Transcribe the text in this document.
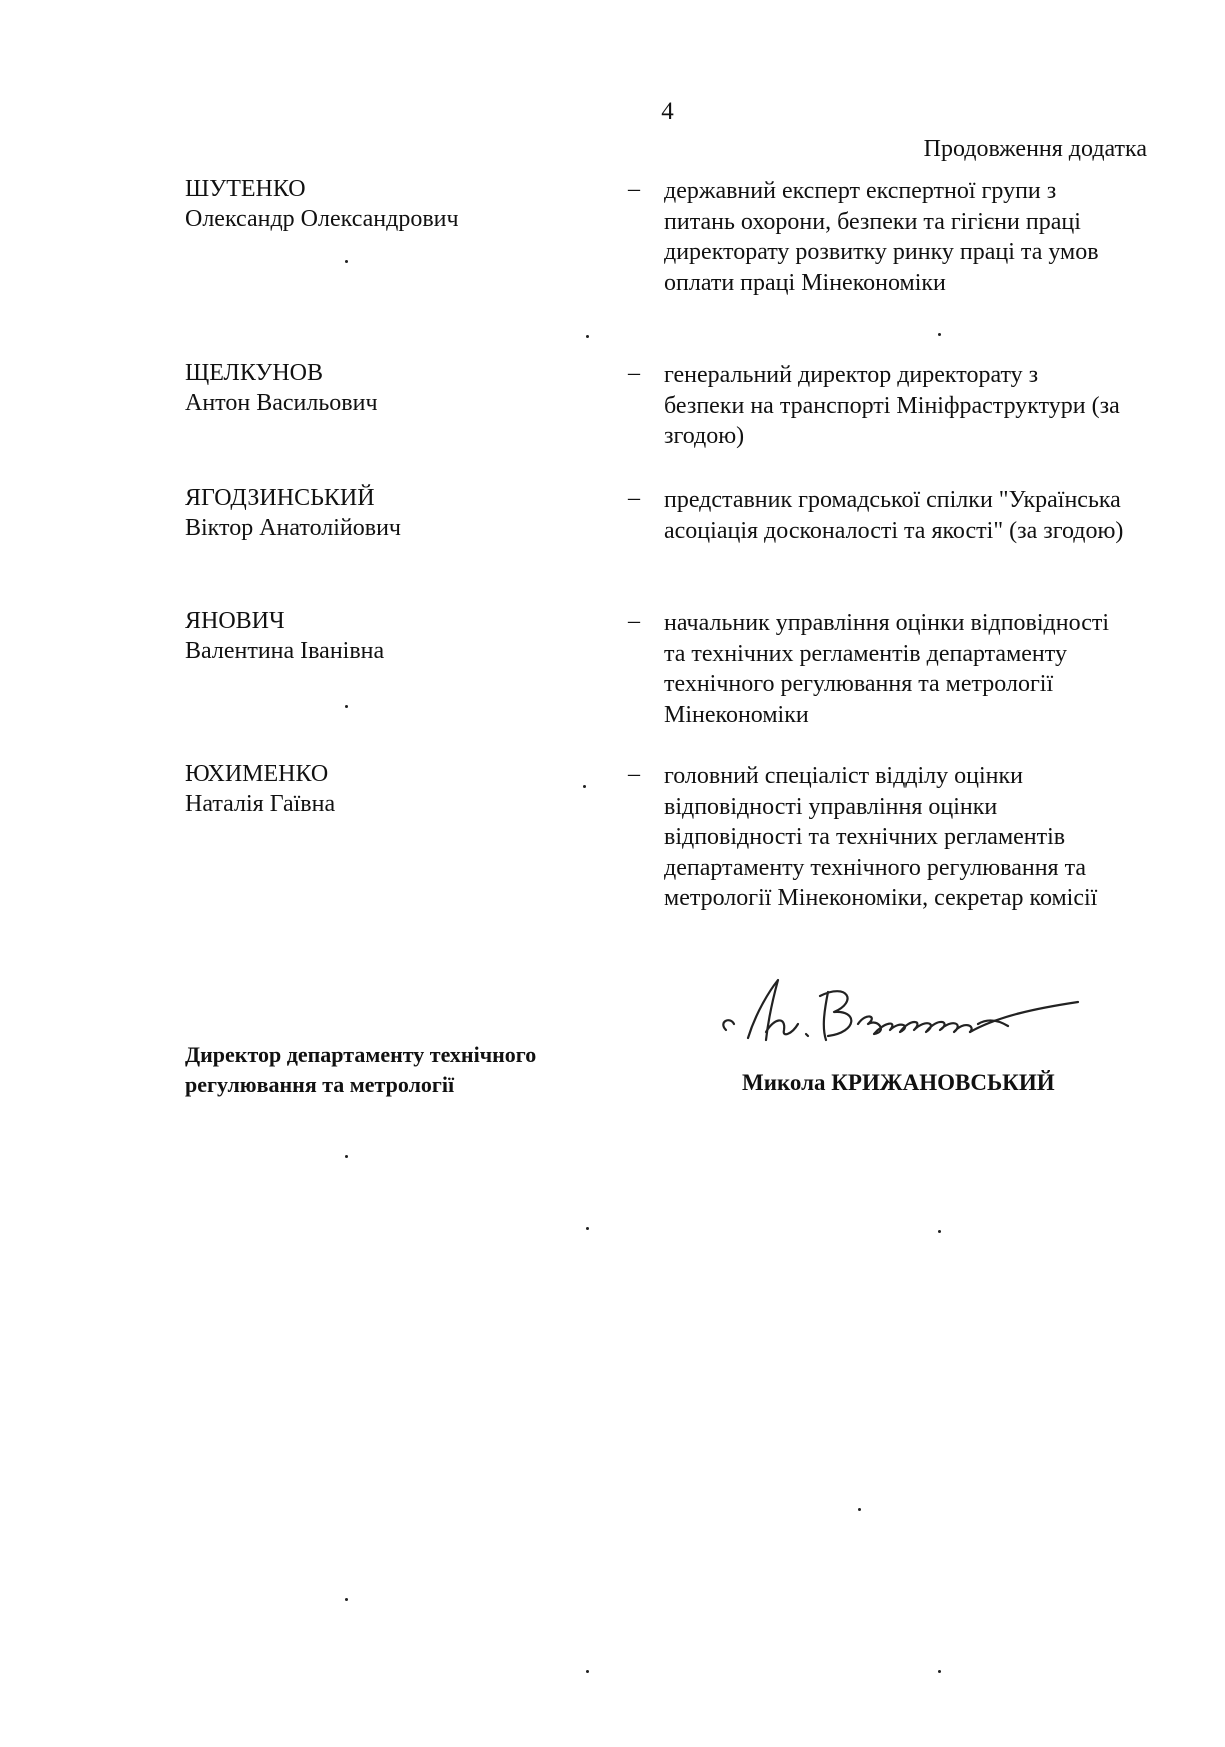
4
Продовження додатка
ШУТЕНКО
Олександр Олександрович
– державний експерт експертної групи з питань охорони, безпеки та гігієни праці директорату розвитку ринку праці та умов оплати праці Мінекономіки
ЩЕЛКУНОВ
Антон Васильович
– генеральний директор директорату з безпеки на транспорті Мініфраструктури (за згодою)
ЯГОДЗИНСЬКИЙ
Віктор Анатолійович
– представник громадської спілки "Українська асоціація досконалості та якості" (за згодою)
ЯНОВИЧ
Валентина Іванівна
– начальник управління оцінки відповідності та технічних регламентів департаменту технічного регулювання та метрології Мінекономіки
ЮХИМЕНКО
Наталія Гаївна
– головний спеціаліст відділу оцінки відповідності управління оцінки відповідності та технічних регламентів департаменту технічного регулювання та метрології Мінекономіки, секретар комісії
Директор департаменту технічного регулювання та метрології	Микола КРИЖАНОВСЬКИЙ
